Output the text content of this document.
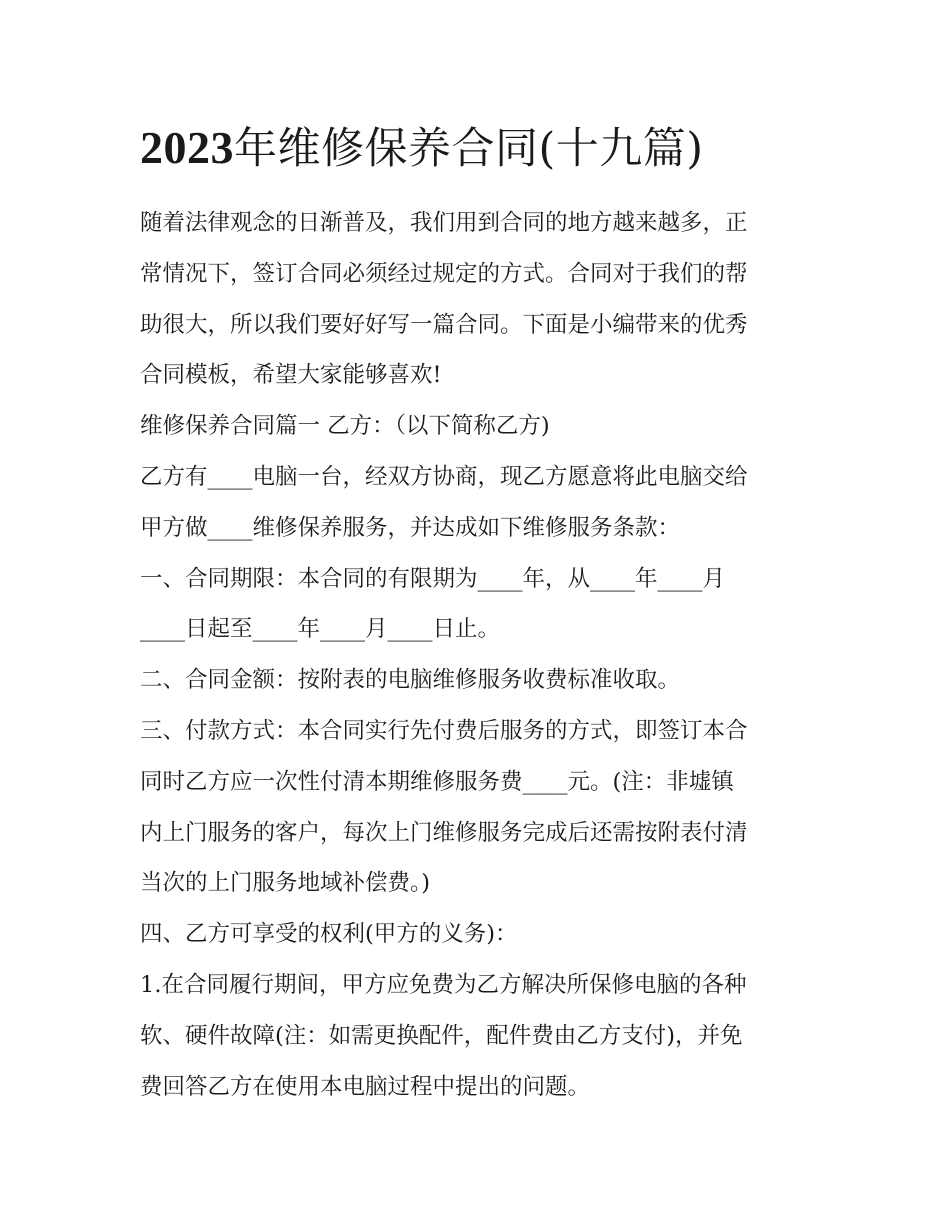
2023年维修保养合同(十九篇)
随着法律观念的日渐普及，我们用到合同的地方越来越多，正
常情况下，签订合同必须经过规定的方式。合同对于我们的帮
助很大，所以我们要好好写一篇合同。下面是小编带来的优秀
合同模板，希望大家能够喜欢!
维修保养合同篇一 乙方：（以下简称乙方)
乙方有____电脑一台，经双方协商，现乙方愿意将此电脑交给
甲方做____维修保养服务，并达成如下维修服务条款：
一、合同期限：本合同的有限期为____年，从____年____月
____日起至____年____月____日止。
二、合同金额：按附表的电脑维修服务收费标准收取。
三、付款方式：本合同实行先付费后服务的方式，即签订本合
同时乙方应一次性付清本期维修服务费____元。(注：非墟镇
内上门服务的客户，每次上门维修服务完成后还需按附表付清
当次的上门服务地域补偿费。)
四、乙方可享受的权利(甲方的义务)：
1.在合同履行期间，甲方应免费为乙方解决所保修电脑的各种
软、硬件故障(注：如需更换配件，配件费由乙方支付)，并免
费回答乙方在使用本电脑过程中提出的问题。
